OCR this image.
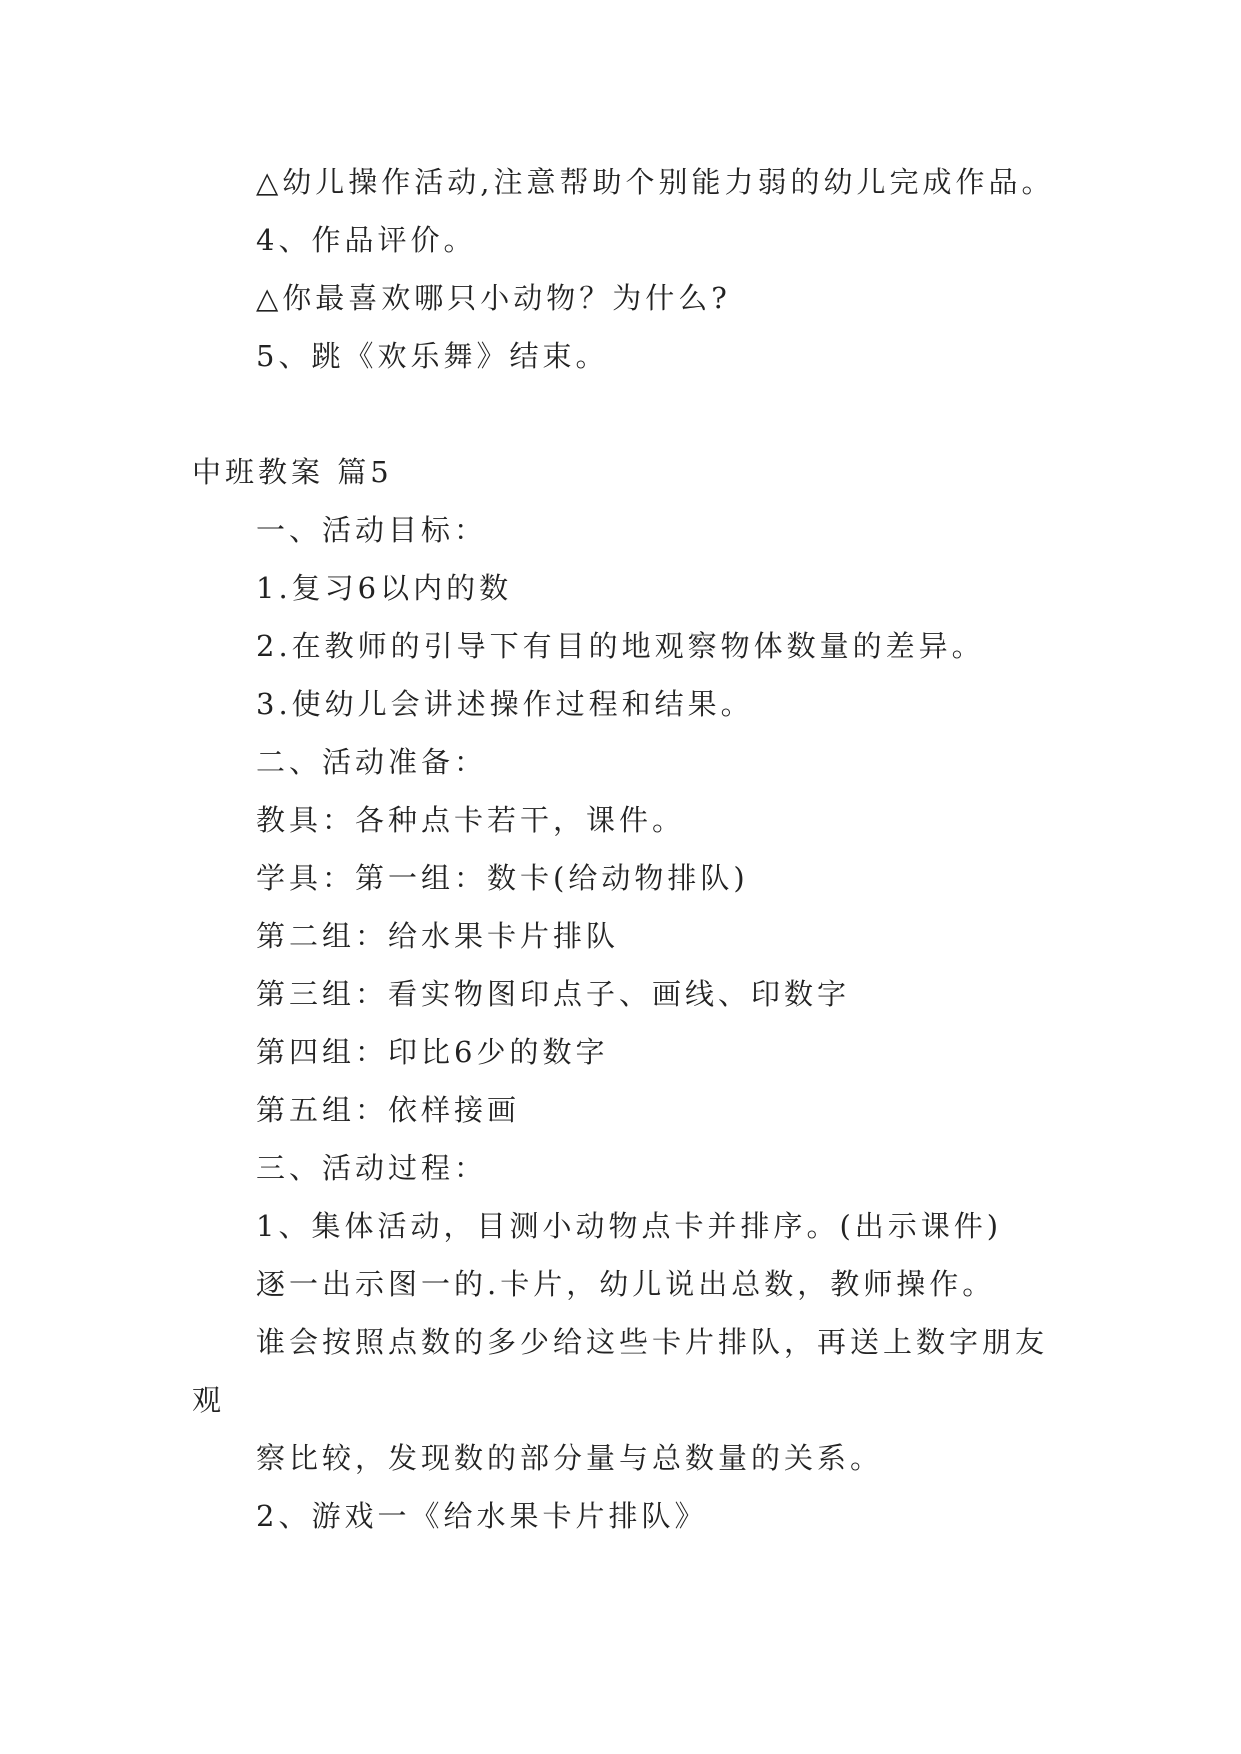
△幼儿操作活动,注意帮助个别能力弱的幼儿完成作品。
4、作品评价。
△你最喜欢哪只小动物？为什么?
5、跳《欢乐舞》结束。
中班教案 篇5
一、活动目标：
1.复习6以内的数
2.在教师的引导下有目的地观察物体数量的差异。
3.使幼儿会讲述操作过程和结果。
二、活动准备：
教具：各种点卡若干，课件。
学具：第一组：数卡(给动物排队)
第二组：给水果卡片排队
第三组：看实物图印点子、画线、印数字
第四组：印比6少的数字
第五组：依样接画
三、活动过程：
1、集体活动，目测小动物点卡并排序。(出示课件)
逐一出示图一的.卡片，幼儿说出总数，教师操作。
谁会按照点数的多少给这些卡片排队，再送上数字朋友
观
察比较，发现数的部分量与总数量的关系。
2、游戏一《给水果卡片排队》
